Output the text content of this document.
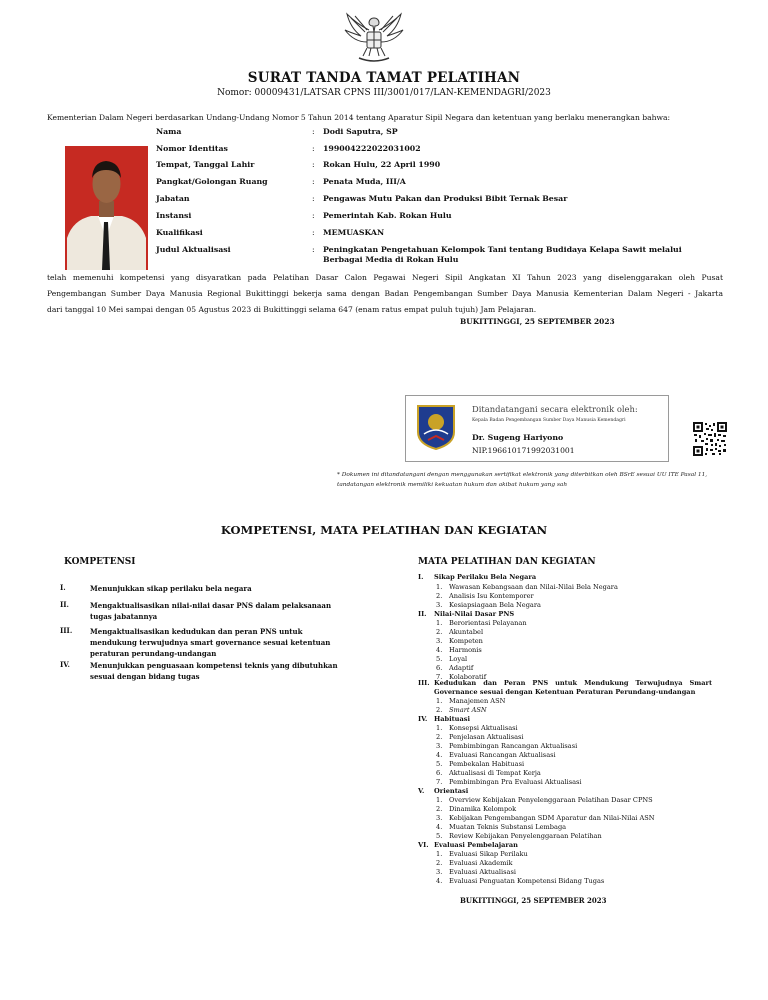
SURAT TANDA TAMAT PELATIHAN
Nomor: 00009431/LATSAR CPNS III/3001/017/LAN-KEMENDAGRI/2023
Kementerian Dalam Negeri berdasarkan Undang-Undang Nomor 5 Tahun 2014 tentang Aparatur Sipil Negara dan ketentuan yang berlaku menerangkan bahwa:
Nama	: Dodi Saputra, SP
Nomor Identitas	: 199004222022031002
Tempat, Tanggal Lahir	: Rokan Hulu, 22 April 1990
Pangkat/Golongan Ruang	: Penata Muda, III/A
Jabatan	: Pengawas Mutu Pakan dan Produksi Bibit Ternak Besar
Instansi	: Pemerintah Kab. Rokan Hulu
Kualifikasi	: MEMUASKAN
Judul Aktualisasi	: Peningkatan Pengetahuan Kelompok Tani tentang Budidaya Kelapa Sawit melalui Berbagai Media di Rokan Hulu
telah memenuhi kompetensi yang disyaratkan pada Pelatihan Dasar Calon Pegawai Negeri Sipil Angkatan XI Tahun 2023 yang diselenggarakan oleh Pusat
Pengembangan Sumber Daya Manusia Regional Bukittinggi bekerja sama dengan Badan Pengembangan Sumber Daya Manusia Kementerian Dalam Negeri - Jakarta
dari tanggal 10 Mei sampai dengan 05 Agustus 2023 di Bukittinggi selama 647 (enam ratus empat puluh tujuh) Jam Pelajaran.
BUKITTINGGI, 25 SEPTEMBER 2023
Ditandatangani secara elektronik oleh:
Kepala Badan Pengembangan Sumber Daya Manusia Kemendagri
Dr. Sugeng Hariyono
NIP.196610171992031001
* Dokumen ini ditandatangani dengan menggunakan sertifikat elektronik yang diterbitkan oleh BSrE sesuai UU ITE Pasal 11, tandatangan elektronik memiliki kekuatan hukum dan akibat hukum yang sah
KOMPETENSI, MATA PELATIHAN DAN KEGIATAN
KOMPETENSI	MATA PELATIHAN DAN KEGIATAN
I.	Menunjukkan sikap perilaku bela negara
II.	Mengaktualisasikan nilai-nilai dasar PNS dalam pelaksanaan tugas jabatannya
III.	Mengaktualisasikan kedudukan dan peran PNS untuk mendukung terwujudnya smart governance sesuai ketentuan peraturan perundang-undangan
IV.	Menunjukkan penguasaan kompetensi teknis yang dibutuhkan sesuai dengan bidang tugas
I. Sikap Perilaku Bela Negara
1. Wawasan Kebangsaan dan Nilai-Nilai Bela Negara
2. Analisis Isu Kontemporer
3. Kesiapsiagaan Bela Negara
II. Nilai-Nilai Dasar PNS
1. Berorientasi Pelayanan
2. Akuntabel
3. Kompeten
4. Harmonis
5. Loyal
6. Adaptif
7. Kolaboratif
III. Kedudukan dan Peran PNS untuk Mendukung Terwujudnya Smart Governance sesuai dengan Ketentuan Peraturan Perundang-undangan
1. Manajemen ASN
2. Smart ASN
IV. Habituasi
1. Konsepsi Aktualisasi
2. Penjelasan Aktualisasi
3. Pembimbingan Rancangan Aktualisasi
4. Evaluasi Rancangan Aktualisasi
5. Pembekalan Habituasi
6. Aktualisasi di Tempat Kerja
7. Pembimbingan Pra Evaluasi Aktualisasi
V. Orientasi
1. Overview Kebijakan Penyelenggaraan Pelatihan Dasar CPNS
2. Dinamika Kelompok
3. Kebijakan Pengembangan SDM Aparatur dan Nilai-Nilai ASN
4. Muatan Teknis Substansi Lembaga
5. Review Kebijakan Penyelenggaraan Pelatihan
VI. Evaluasi Pembelajaran
1. Evaluasi Sikap Perilaku
2. Evaluasi Akademik
3. Evaluasi Aktualisasi
4. Evaluasi Penguatan Kompetensi Bidang Tugas
BUKITTINGGI, 25 SEPTEMBER 2023
